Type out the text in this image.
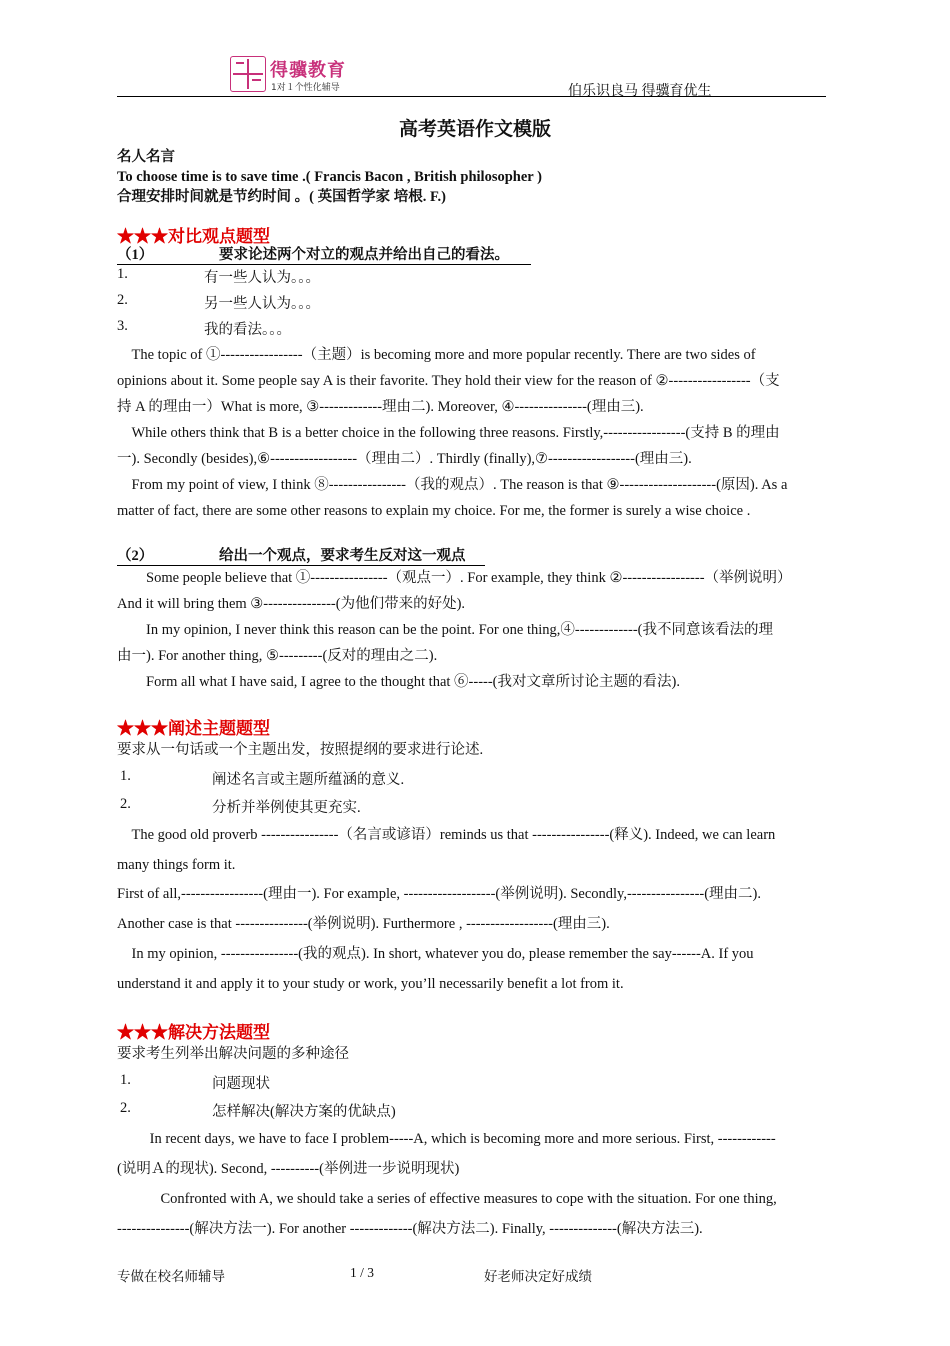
得骥教育
1对１个性化辅导	伯乐识良马 得骥育优生
高考英语作文模版
名人名言
To choose time is to save time .( Francis Bacon , British philosopher )
合理安排时间就是节约时间 。( 英国哲学家 培根. F.)
★★★对比观点题型
（1）	要求论述两个对立的观点并给出自己的看法。
1.	有一些人认为。。。
2.	另一些人认为。。。
3.	我的看法。。。
　The topic of ①-----------------（主题）is becoming more and more popular recently. There are two sides of
opinions about it. Some people say A is their favorite. They hold their view for the reason of ②-----------------（支
持 A 的理由一）What is more, ③-------------理由二). Moreover, ④---------------(理由三).
　While others think that B is a better choice in the following three reasons. Firstly,-----------------(支持 B 的理由
一). Secondly (besides),⑥------------------（理由二）. Thirdly (finally),⑦------------------(理由三).
　From my point of view, I think ⑧----------------（我的观点）. The reason is that ⑨--------------------(原因). As a
matter of fact, there are some other reasons to explain my choice. For me, the former is surely a wise choice .
（2）	给出一个观点，要求考生反对这一观点
　　Some people believe that ①----------------（观点一）. For example, they think ②-----------------（举例说明）
And it will bring them ③---------------(为他们带来的好处).
　　In my opinion, I never think this reason can be the point. For one thing,④-------------(我不同意该看法的理
由一). For another thing, ⑤---------(反对的理由之二).
　　Form all what I have said, I agree to the thought that ⑥-----(我对文章所讨论主题的看法).
★★★阐述主题题型
要求从一句话或一个主题出发，按照提纲的要求进行论述.
1.	阐述名言或主题所蕴涵的意义.
2.	分析并举例使其更充实.
　The good old proverb ----------------（名言或谚语）reminds us that ----------------(释义). Indeed, we can learn
many things form it.
First of all,-----------------(理由一). For example, -------------------(举例说明). Secondly,----------------(理由二).
Another case is that ---------------(举例说明). Furthermore , ------------------(理由三).
　In my opinion, ----------------(我的观点). In short, whatever you do, please remember the say------A. If you
understand it and apply it to your study or work, you’ll necessarily benefit a lot from it.
★★★解决方法题型
要求考生列举出解决问题的多种途径
1.	问题现状
2.	怎样解决(解决方案的优缺点)
　　 In recent days, we have to face I problem-----A, which is becoming more and more serious. First, ------------
(说明Ａ的现状). Second, ----------(举例进一步说明现状)
　　　Confronted with A, we should take a series of effective measures to cope with the situation. For one thing,
---------------(解决方法一). For another -------------(解决方法二). Finally, --------------(解决方法三).
专做在校名师辅导	1 / 3	好老师决定好成绩
